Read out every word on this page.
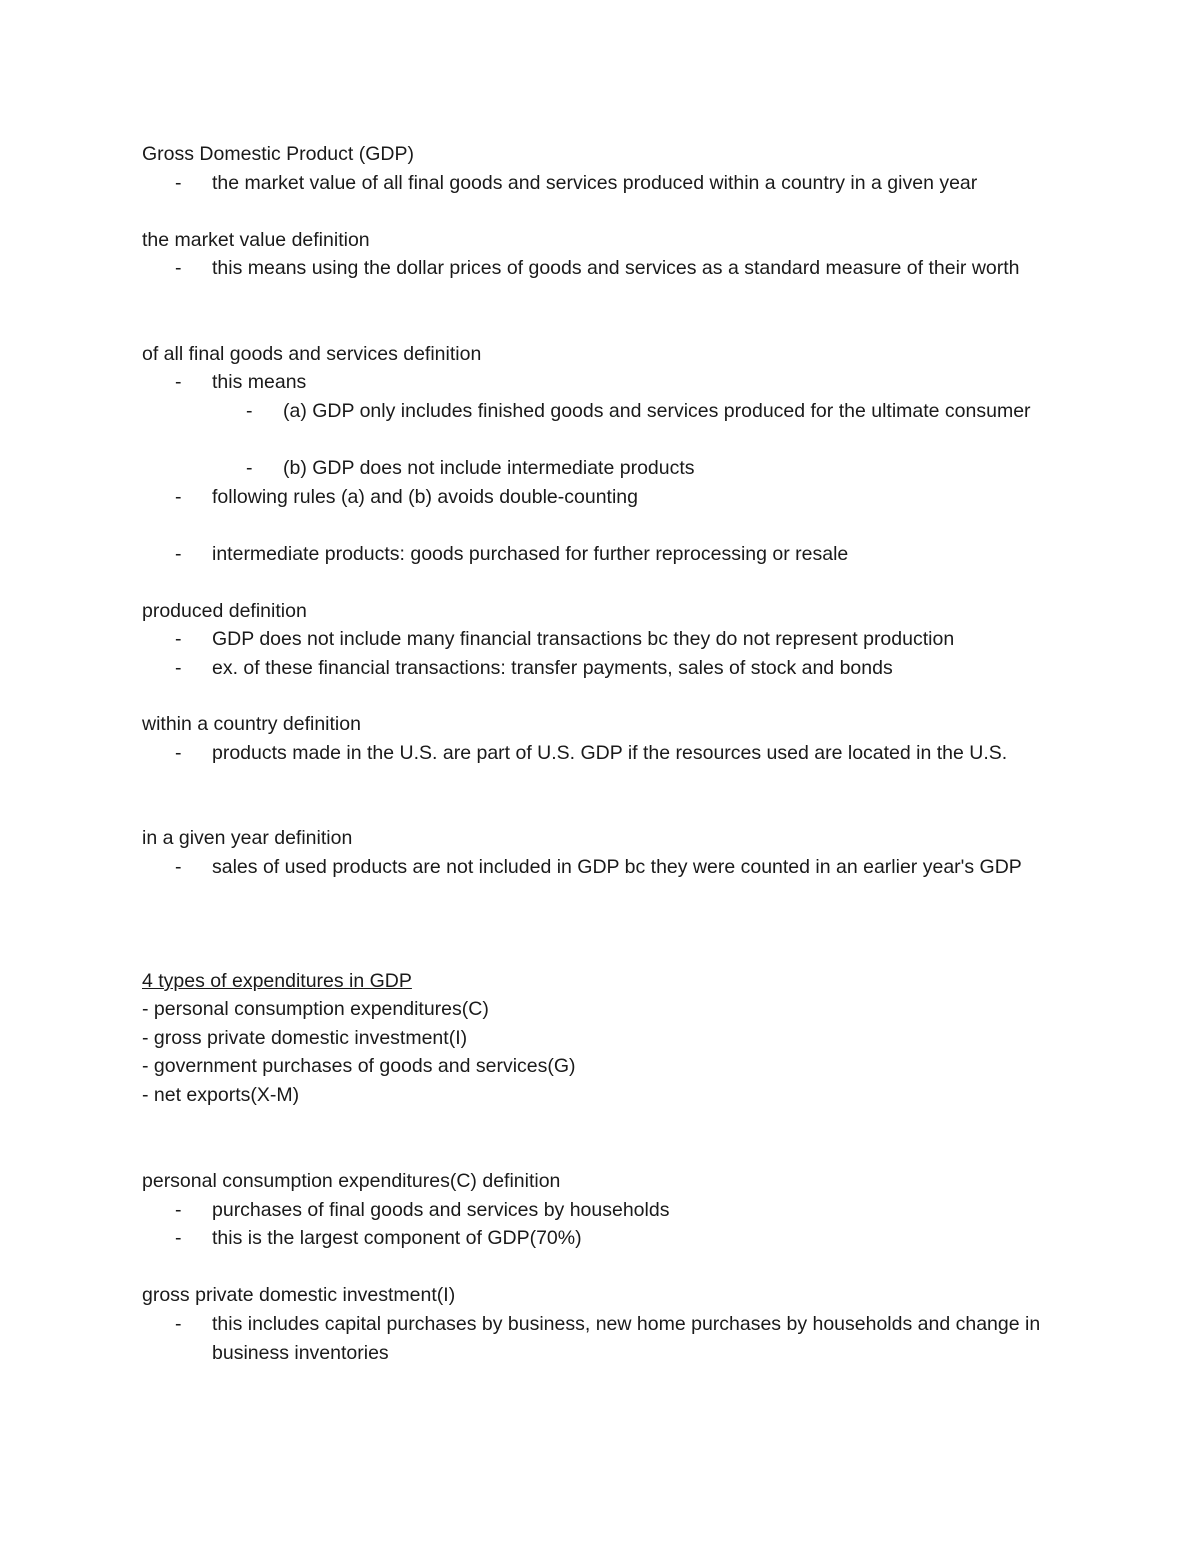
Gross Domestic Product (GDP)
- the market value of all final goods and services produced within a country in a given year
the market value definition
- this means using the dollar prices of goods and services as a standard measure of their worth
of all final goods and services definition
- this means
- (a) GDP only includes finished goods and services produced for the ultimate consumer
- (b) GDP does not include intermediate products
- following rules (a) and (b) avoids double-counting
- intermediate products: goods purchased for further reprocessing or resale
produced definition
- GDP does not include many financial transactions bc they do not represent production
- ex. of these financial transactions: transfer payments, sales of stock and bonds
within a country definition
- products made in the U.S. are part of U.S. GDP if the resources used are located in the U.S.
in a given year definition
- sales of used products are not included in GDP bc they were counted in an earlier year's GDP
4 types of expenditures in GDP
- personal consumption expenditures(C)
- gross private domestic investment(I)
- government purchases of goods and services(G)
- net exports(X-M)
personal consumption expenditures(C) definition
- purchases of final goods and services by households
- this is the largest component of GDP(70%)
gross private domestic investment(I)
- this includes capital purchases by business, new home purchases by households and change in business inventories
